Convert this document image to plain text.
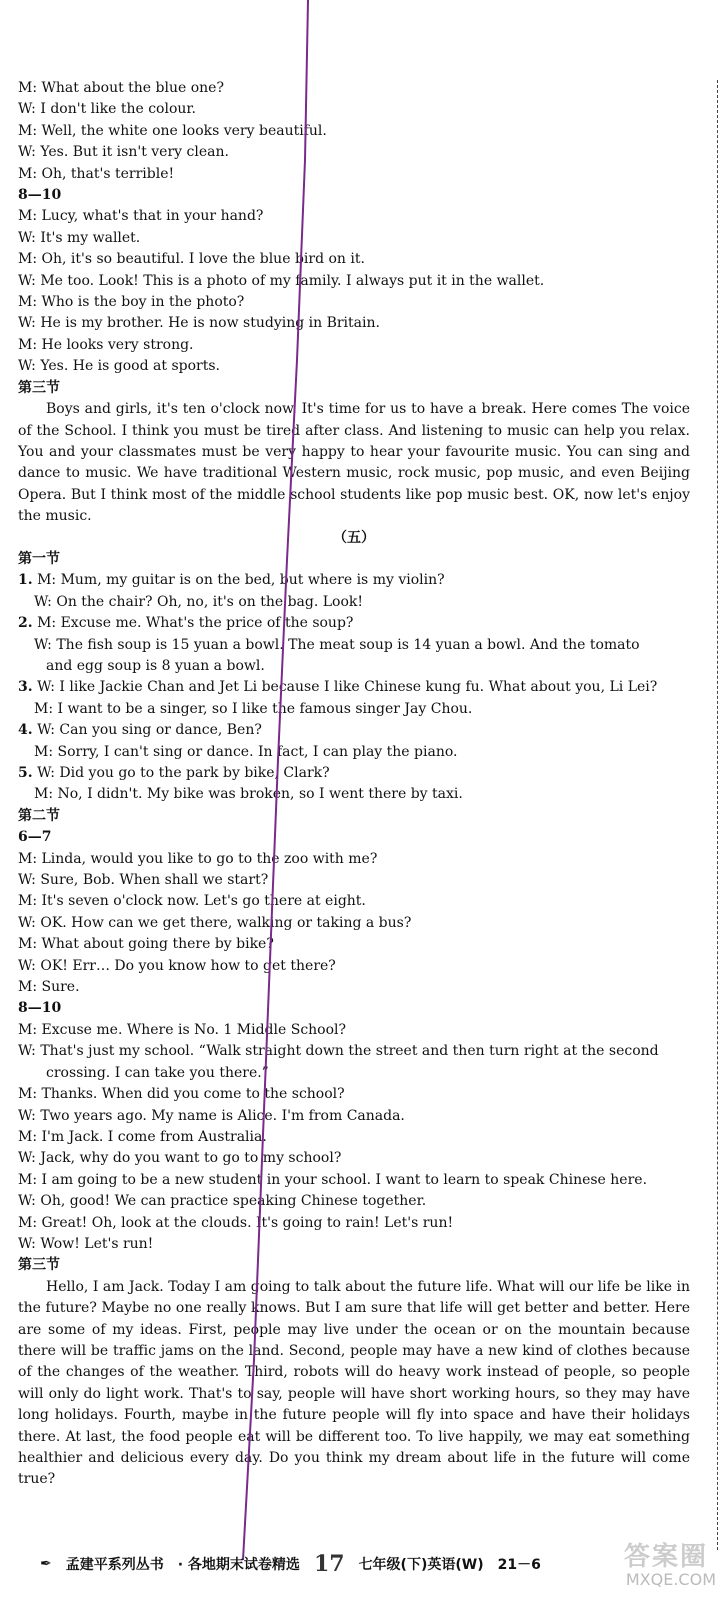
M: What about the blue one?
W: I don't like the colour.
M: Well, the white one looks very beautiful.
W: Yes. But it isn't very clean.
M: Oh, that's terrible!
8—10
M: Lucy, what's that in your hand?
W: It's my wallet.
M: Oh, it's so beautiful. I love the blue bird on it.
W: Me too. Look! This is a photo of my family. I always put it in the wallet.
M: Who is the boy in the photo?
W: He is my brother. He is now studying in Britain.
M: He looks very strong.
W: Yes. He is good at sports.
第三节
Boys and girls, it's ten o'clock now. It's time for us to have a break. Here comes The voice of the School. I think you must be tired after class. And listening to music can help you relax. You and your classmates must be very happy to hear your favourite music. You can sing and dance to music. We have traditional Western music, rock music, pop music, and even Beijing Opera. But I think most of the middle school students like pop music best. OK, now let's enjoy the music.
（五）
第一节
1. M: Mum, my guitar is on the bed, but where is my violin?
W: On the chair? Oh, no, it's on the bag. Look!
2. M: Excuse me. What's the price of the soup?
W: The fish soup is 15 yuan a bowl. The meat soup is 14 yuan a bowl. And the tomato
and egg soup is 8 yuan a bowl.
3. W: I like Jackie Chan and Jet Li because I like Chinese kung fu. What about you, Li Lei?
M: I want to be a singer, so I like the famous singer Jay Chou.
4. W: Can you sing or dance, Ben?
M: Sorry, I can't sing or dance. In fact, I can play the piano.
5. W: Did you go to the park by bike, Clark?
M: No, I didn't. My bike was broken, so I went there by taxi.
第二节
6—7
M: Linda, would you like to go to the zoo with me?
W: Sure, Bob. When shall we start?
M: It's seven o'clock now. Let's go there at eight.
W: OK. How can we get there, walking or taking a bus?
M: What about going there by bike?
W: OK! Err… Do you know how to get there?
M: Sure.
8—10
M: Excuse me. Where is No. 1 Middle School?
W: That's just my school. “Walk straight down the street and then turn right at the second
crossing. I can take you there.”
M: Thanks. When did you come to the school?
W: Two years ago. My name is Alice. I'm from Canada.
M: I'm Jack. I come from Australia.
W: Jack, why do you want to go to my school?
M: I am going to be a new student in your school. I want to learn to speak Chinese here.
W: Oh, good! We can practice speaking Chinese together.
M: Great! Oh, look at the clouds. It's going to rain! Let's run!
W: Wow! Let's run!
第三节
Hello, I am Jack. Today I am going to talk about the future life. What will our life be like in the future? Maybe no one really knows. But I am sure that life will get better and better. Here are some of my ideas. First, people may live under the ocean or on the mountain because there will be traffic jams on the land. Second, people may have a new kind of clothes because of the changes of the weather. Third, robots will do heavy work instead of people, so people will only do light work. That's to say, people will have short working hours, so they may have long holidays. Fourth, maybe in the future people will fly into space and have their holidays there. At last, the food people eat will be different too. To live happily, we may eat something healthier and delicious every day. Do you think my dream about life in the future will come true?
✒ 孟建平系列丛书 · 各地期末试卷精选 17 七年级(下)英语(W) 21－6	答案圈
MXQE.COM
